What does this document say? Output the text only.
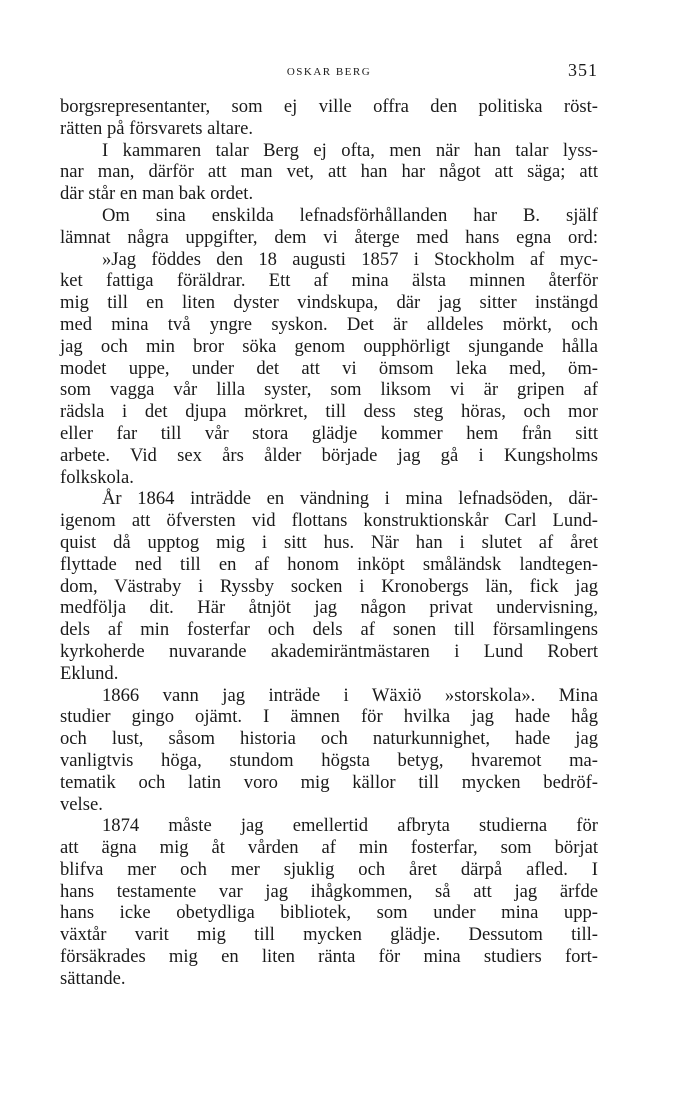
OSKAR BERG	351
borgsrepresentanter, som ej ville offra den politiska röst-
rätten på försvarets altare.
I kammaren talar Berg ej ofta, men när han talar lyss-
nar man, därför att man vet, att han har något att säga; att
där står en man bak ordet.
Om sina enskilda lefnadsförhållanden har B. själf
lämnat några uppgifter, dem vi återge med hans egna ord:
»Jag föddes den 18 augusti 1857 i Stockholm af myc-
ket fattiga föräldrar. Ett af mina älsta minnen återför
mig till en liten dyster vindskupa, där jag sitter instängd
med mina två yngre syskon. Det är alldeles mörkt, och
jag och min bror söka genom oupphörligt sjungande hålla
modet uppe, under det att vi ömsom leka med, öm-
som vagga vår lilla syster, som liksom vi är gripen af
rädsla i det djupa mörkret, till dess steg höras, och mor
eller far till vår stora glädje kommer hem från sitt
arbete. Vid sex års ålder började jag gå i Kungsholms
folkskola.
År 1864 inträdde en vändning i mina lefnadsöden, där-
igenom att öfversten vid flottans konstruktionskår Carl Lund-
quist då upptog mig i sitt hus. När han i slutet af året
flyttade ned till en af honom inköpt småländsk landtegen-
dom, Västraby i Ryssby socken i Kronobergs län, fick jag
medfölja dit. Här åtnjöt jag någon privat undervisning,
dels af min fosterfar och dels af sonen till församlingens
kyrkoherde nuvarande akademiräntmästaren i Lund Robert
Eklund.
1866 vann jag inträde i Wäxiö »storskola». Mina
studier gingo ojämt. I ämnen för hvilka jag hade håg
och lust, såsom historia och naturkunnighet, hade jag
vanligtvis höga, stundom högsta betyg, hvaremot ma-
tematik och latin voro mig källor till mycken bedröf-
velse.
1874 måste jag emellertid afbryta studierna för
att ägna mig åt vården af min fosterfar, som börjat
blifva mer och mer sjuklig och året därpå afled. I
hans testamente var jag ihågkommen, så att jag ärfde
hans icke obetydliga bibliotek, som under mina upp-
växtår varit mig till mycken glädje. Dessutom till-
försäkrades mig en liten ränta för mina studiers fort-
sättande.
